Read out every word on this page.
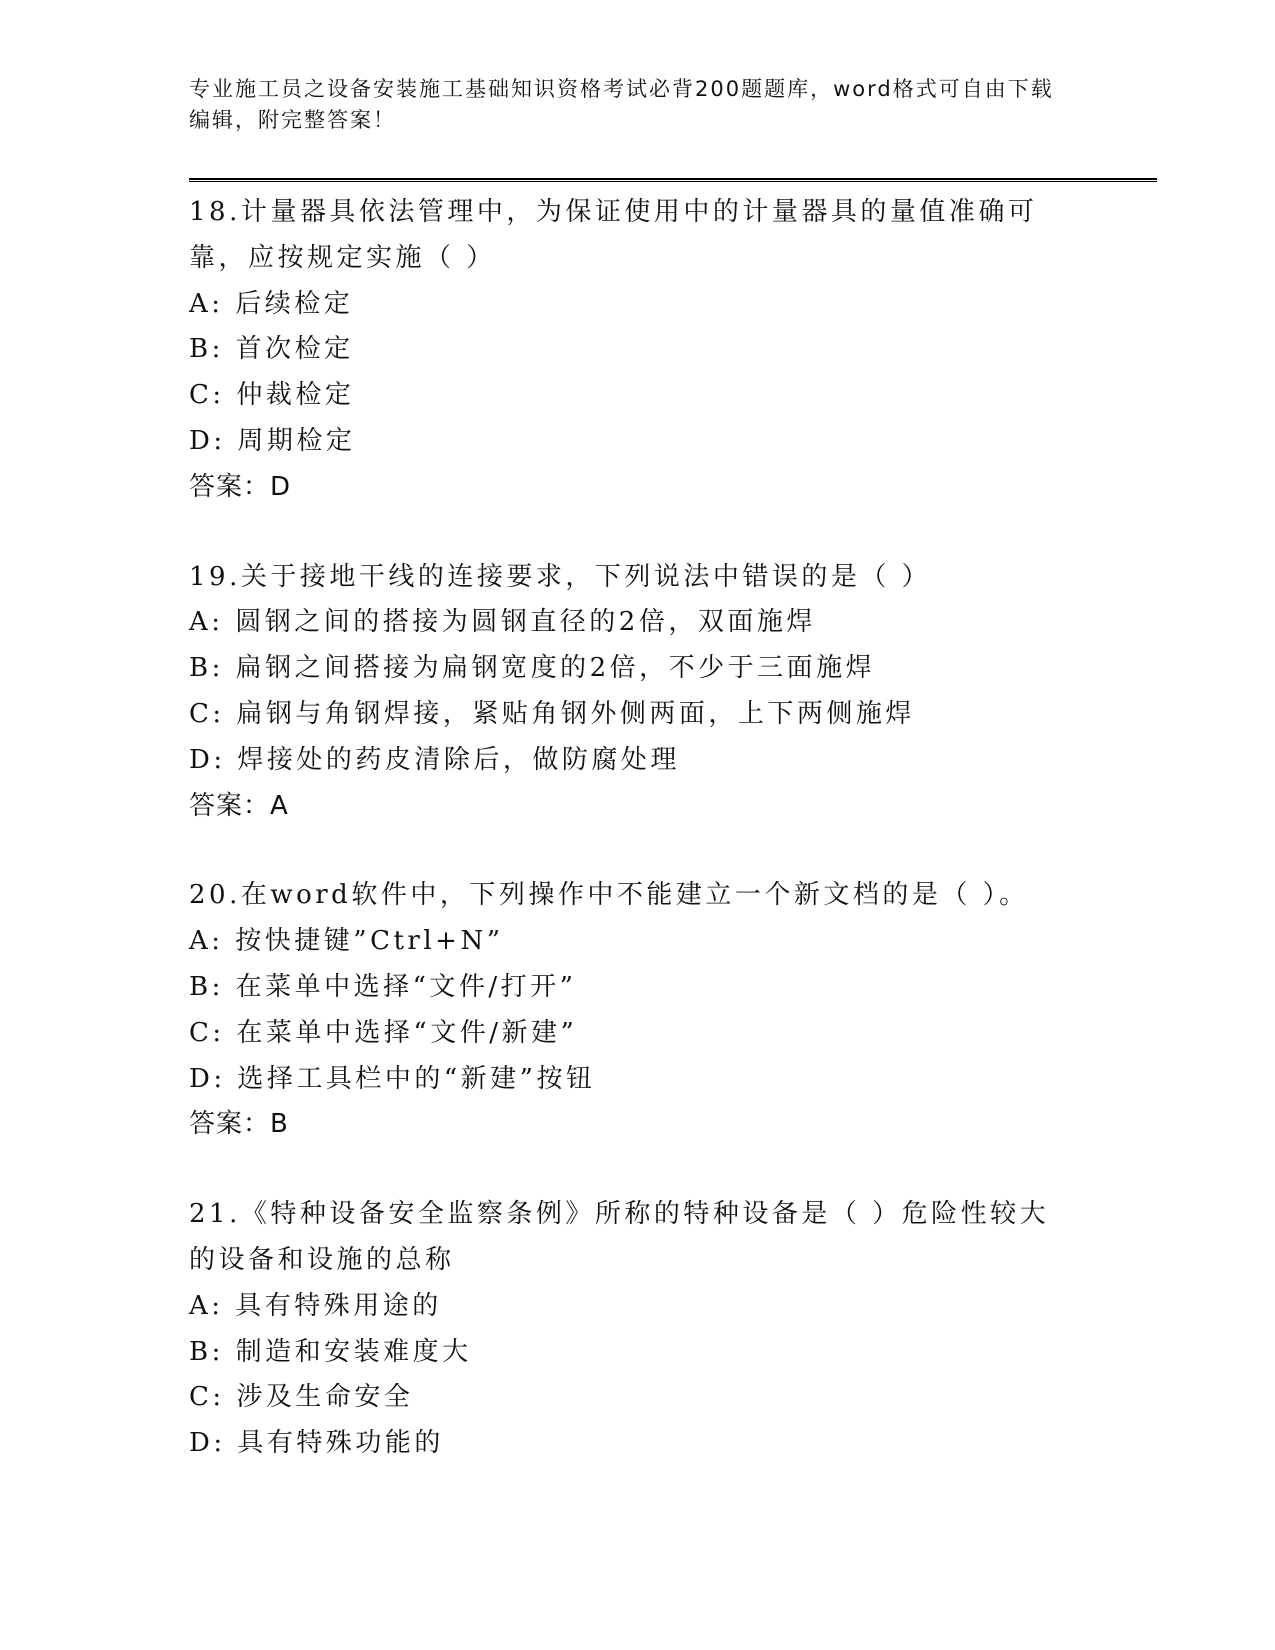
专业施工员之设备安装施工基础知识资格考试必背200题题库，word格式可自由下载编辑，附完整答案！
18.计量器具依法管理中，为保证使用中的计量器具的量值准确可靠，应按规定实施（ ）
A: 后续检定
B: 首次检定
C: 仲裁检定
D: 周期检定
答案：D
19.关于接地干线的连接要求，下列说法中错误的是（ ）
A: 圆钢之间的搭接为圆钢直径的2倍，双面施焊
B: 扁钢之间搭接为扁钢宽度的2倍，不少于三面施焊
C: 扁钢与角钢焊接，紧贴角钢外侧两面，上下两侧施焊
D: 焊接处的药皮清除后，做防腐处理
答案：A
20.在word软件中，下列操作中不能建立一个新文档的是（ ）。
A: 按快捷键”Ctrl+N”
B: 在菜单中选择“文件/打开”
C: 在菜单中选择“文件/新建”
D: 选择工具栏中的“新建”按钮
答案：B
21.《特种设备安全监察条例》所称的特种设备是（ ）危险性较大的设备和设施的总称
A: 具有特殊用途的
B: 制造和安装难度大
C: 涉及生命安全
D: 具有特殊功能的
